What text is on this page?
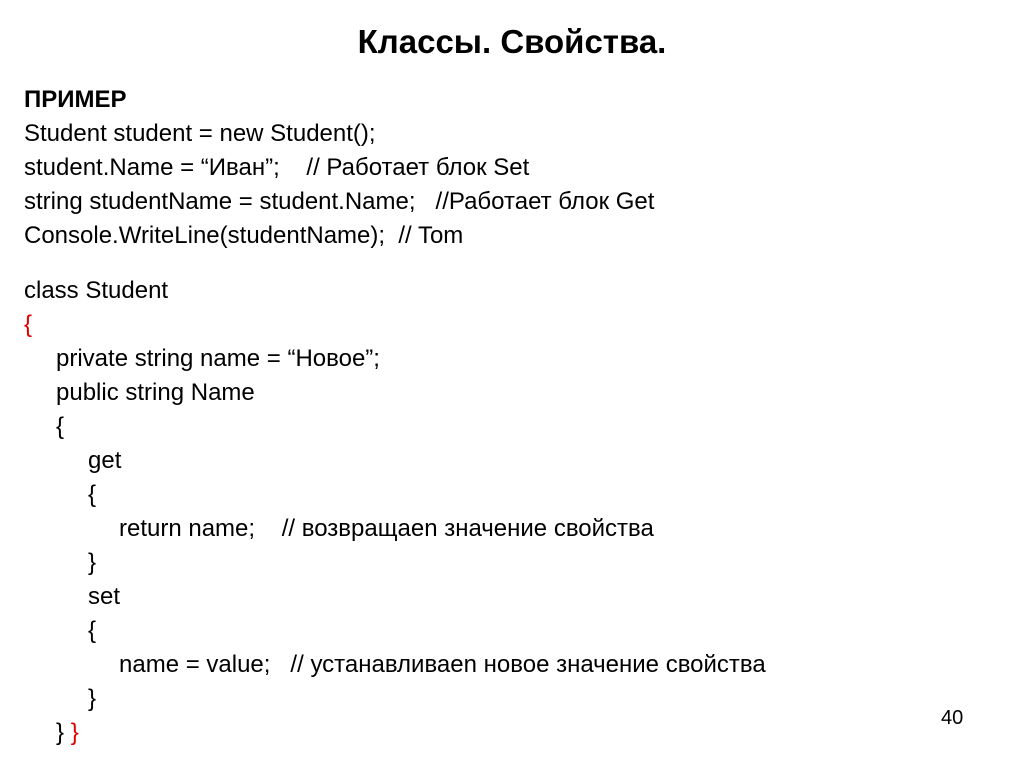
Классы. Свойства.
ПРИМЕР
Student student = new Student();
student.Name = “Иван”;    // Работает блок Set
string studentName = student.Name;   //Работает блок Get
Console.WriteLine(studentName);  // Tom
class Student
{
private string name = “Новое”;
public string Name
{
get
{
return name;    // возвращаеn значение свойства
}
set
{
name = value;   // устанавливаеn новое значение свойства
}
} }
40
